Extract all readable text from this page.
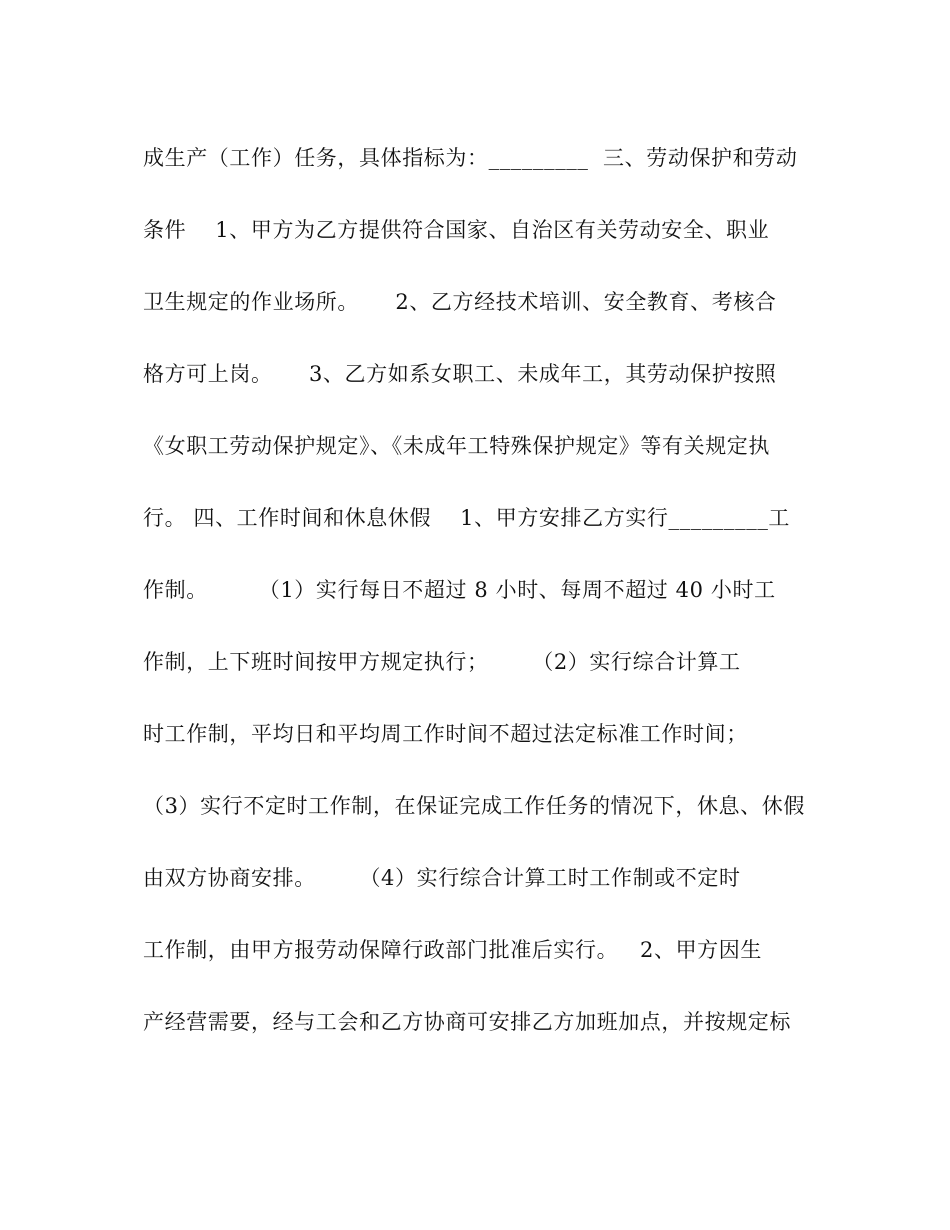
成生产（工作）任务，具体指标为：_________  三、劳动保护和劳动
条件    1、甲方为乙方提供符合国家、自治区有关劳动安全、职业
卫生规定的作业场所。     2、乙方经技术培训、安全教育、考核合
格方可上岗。     3、乙方如系女职工、未成年工，其劳动保护按照
《女职工劳动保护规定》、《未成年工特殊保护规定》等有关规定执
行。 四、工作时间和休息休假    1、甲方安排乙方实行_________工
作制。       （1）实行每日不超过 8 小时、每周不超过 40 小时工
作制，上下班时间按甲方规定执行；      （2）实行综合计算工
时工作制，平均日和平均周工作时间不超过法定标准工作时间；
（3）实行不定时工作制，在保证完成工作任务的情况下，休息、休假
由双方协商安排。      （4）实行综合计算工时工作制或不定时
工作制，由甲方报劳动保障行政部门批准后实行。   2、甲方因生
产经营需要，经与工会和乙方协商可安排乙方加班加点，并按规定标
